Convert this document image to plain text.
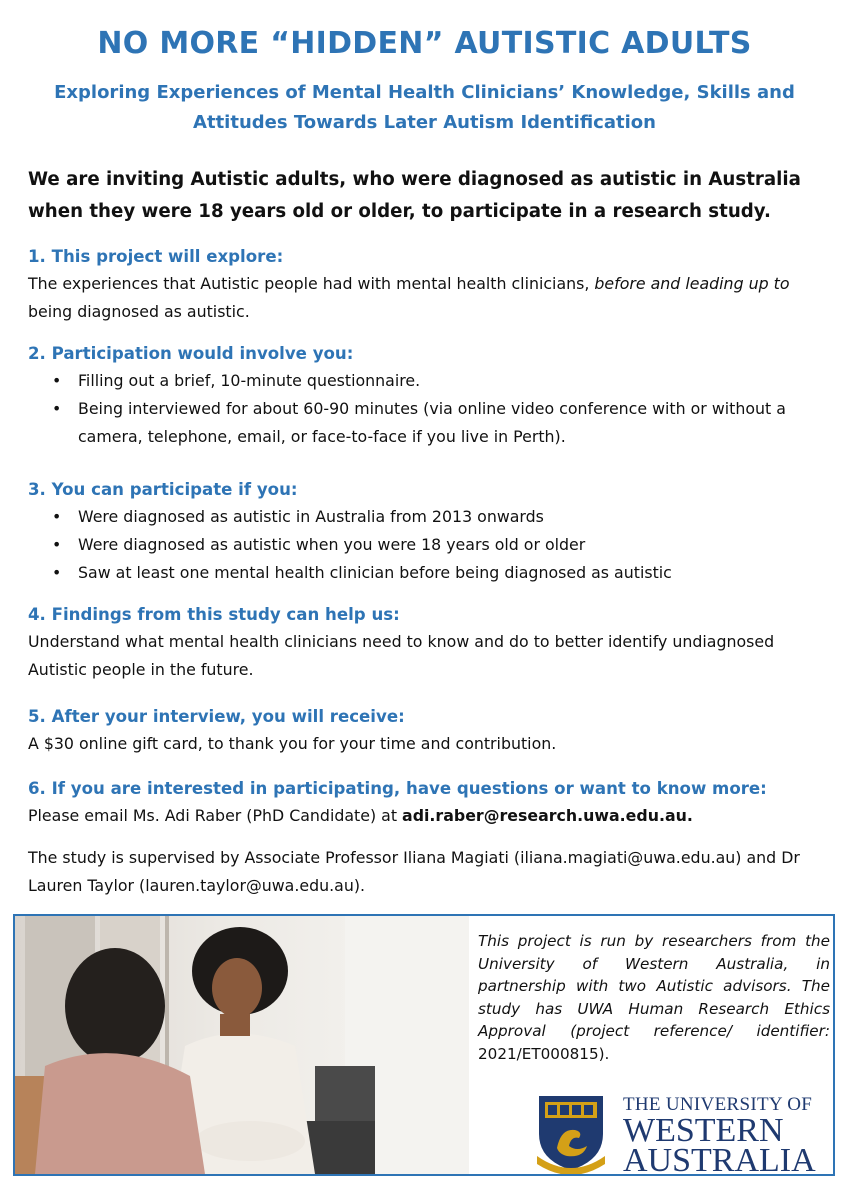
NO MORE “HIDDEN” AUTISTIC ADULTS
Exploring Experiences of Mental Health Clinicians’ Knowledge, Skills and Attitudes Towards Later Autism Identification

We are inviting Autistic adults, who were diagnosed as autistic in Australia when they were 18 years old or older, to participate in a research study.

1. This project will explore:

The experiences that Autistic people had with mental health clinicians, before and leading up to being diagnosed as autistic.

2. Participation would involve you:
• Filling out a brief, 10-minute questionnaire.
• Being interviewed for about 60-90 minutes (via online video conference with or without a camera, telephone, email, or face-to-face if you live in Perth).
3. You can participate if you:
• Were diagnosed as autistic in Australia from 2013 onwards
• Were diagnosed as autistic when you were 18 years old or older
• Saw at least one mental health clinician before being diagnosed as autistic
4. Findings from this study can help us:

Understand what mental health clinicians need to know and do to better identify undiagnosed Autistic people in the future.

5. After your interview, you will receive:

A $30 online gift card, to thank you for your time and contribution.

6. If you are interested in participating, have questions or want to know more:

Please email Ms. Adi Raber (PhD Candidate) at adi.raber@research.uwa.edu.au.

The study is supervised by Associate Professor Iliana Magiati (iliana.magiati@uwa.edu.au) and Dr Lauren Taylor (lauren.taylor@uwa.edu.au).

This project is run by researchers from the University of Western Australia, in partnership with two Autistic advisors. The study has UWA Human Research Ethics Approval (project reference/ identifier: 2021/ET000815).

THE UNIVERSITY OF
WESTERN
AUSTRALIA
